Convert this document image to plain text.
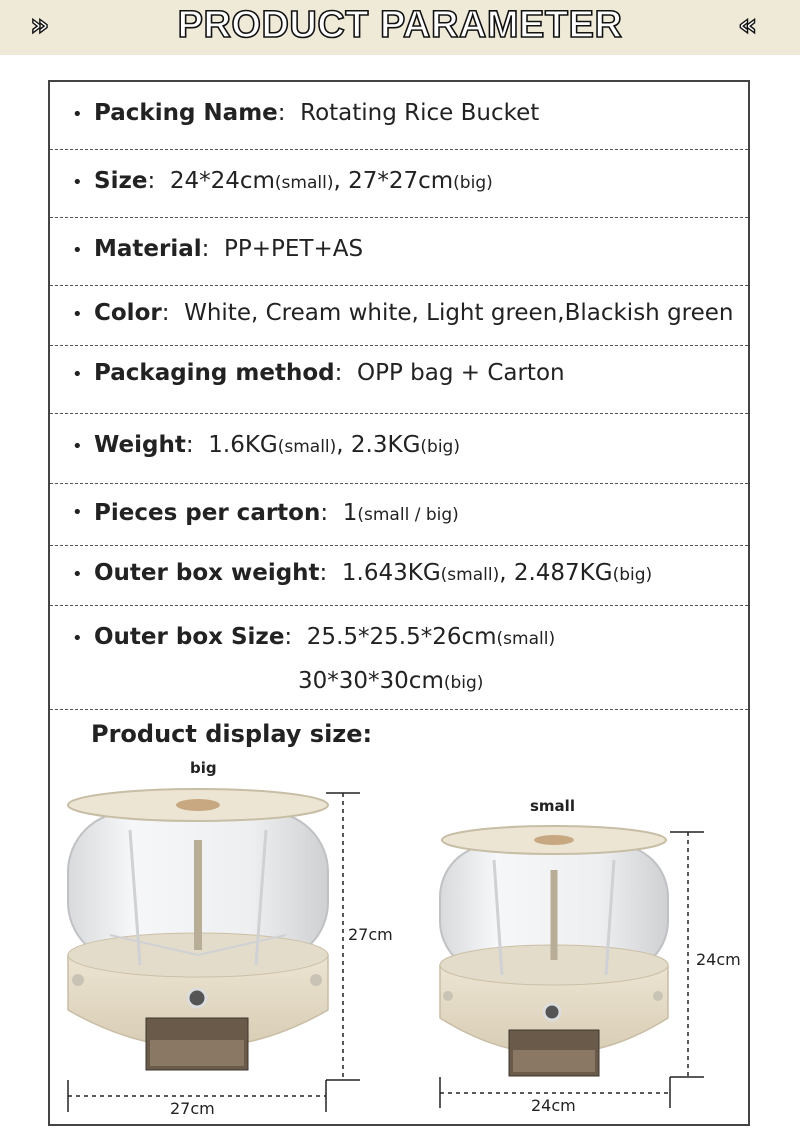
»	PRODUCT PARAMETER	«
• Packing Name:  Rotating Rice Bucket
• Size:  24*24cm(small), 27*27cm(big)
• Material:  PP+PET+AS
• Color:  White, Cream white, Light green,Blackish green
• Packaging method:  OPP bag + Carton
• Weight:  1.6KG(small), 2.3KG(big)
• Pieces per carton:  1(small / big)
• Outer box weight:  1.643KG(small), 2.487KG(big)
• Outer box Size:  25.5*25.5*26cm(small)
30*30*30cm(big)
Product display size:
big
27cm
27cm
small
24cm
24cm
